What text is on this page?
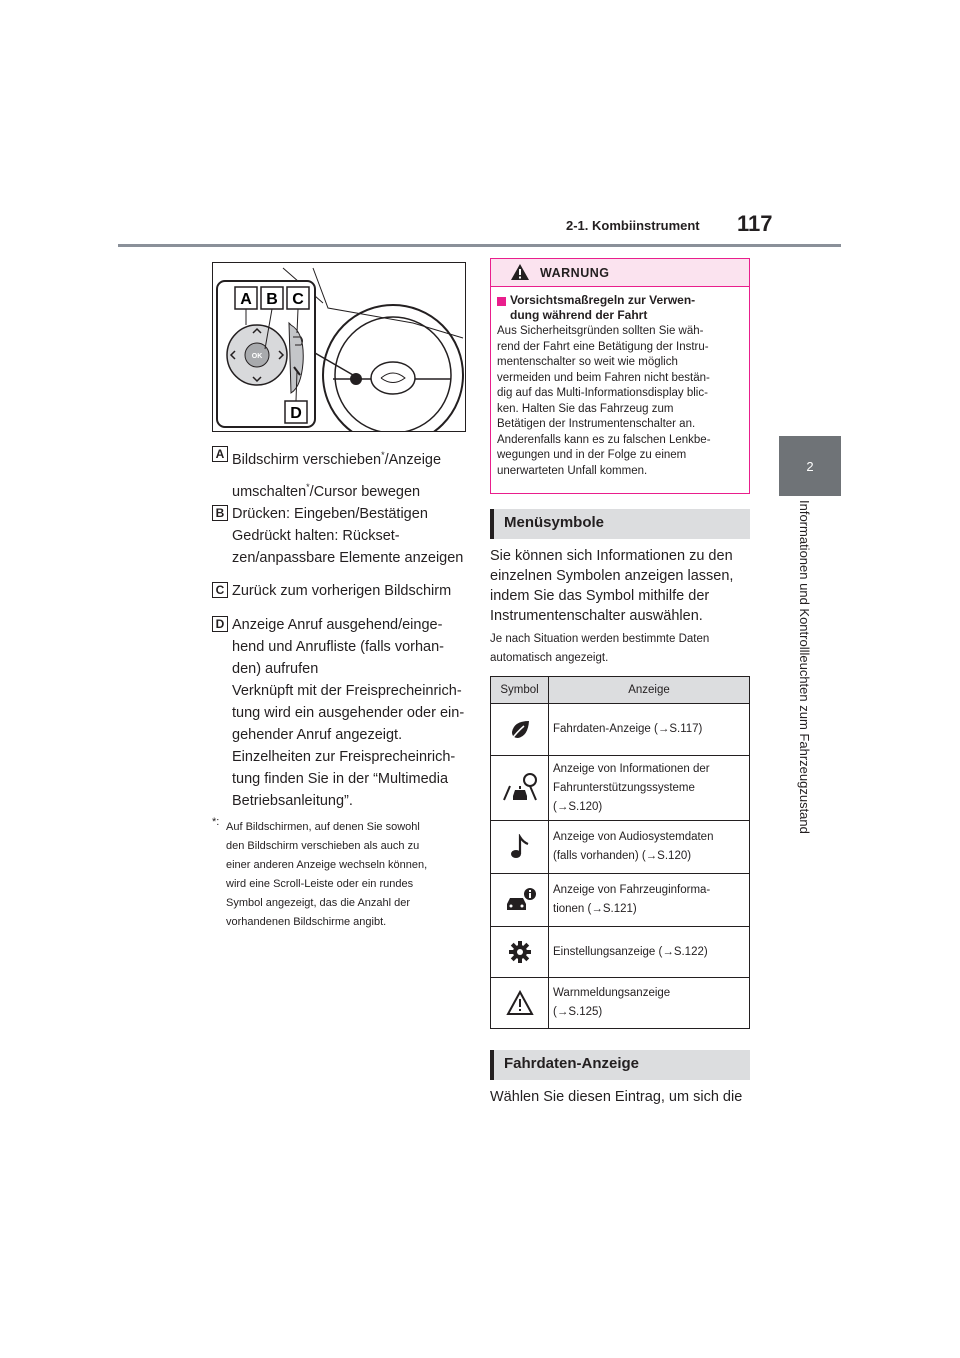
2-1. Kombiinstrument 117
2
Informationen und Kontrollleuchten zum Fahrzeugzustand
OK
A B C
D
A Bildschirm verschieben*/Anzeige
umschalten*/Cursor bewegen
B Drücken: Eingeben/Bestätigen
Gedrückt halten: Rückset-
zen/anpassbare Elemente anzeigen
C Zurück zum vorherigen Bildschirm
D Anzeige Anruf ausgehend/einge-
hend und Anrufliste (falls vorhan-
den) aufrufen
Verknüpft mit der Freisprecheinrich-
tung wird ein ausgehender oder ein-
gehender Anruf angezeigt.
Einzelheiten zur Freisprecheinrich-
tung finden Sie in der “Multimedia
Betriebsanleitung”.
*: Auf Bildschirmen, auf denen Sie sowohl
den Bildschirm verschieben als auch zu
einer anderen Anzeige wechseln können,
wird eine Scroll-Leiste oder ein rundes
Symbol angezeigt, das die Anzahl der
vorhandenen Bildschirme angibt.
WARNUNG
Vorsichtsmaßregeln zur Verwen-
dung während der Fahrt
Aus Sicherheitsgründen sollten Sie wäh-
rend der Fahrt eine Betätigung der Instru-
mentenschalter so weit wie möglich
vermeiden und beim Fahren nicht bestän-
dig auf das Multi-Informationsdisplay blic-
ken. Halten Sie das Fahrzeug zum
Betätigen der Instrumentenschalter an.
Anderenfalls kann es zu falschen Lenkbe-
wegungen und in der Folge zu einem
unerwarteten Unfall kommen.
Menüsymbole
Sie können sich Informationen zu den
einzelnen Symbolen anzeigen lassen,
indem Sie das Symbol mithilfe der
Instrumentenschalter auswählen.
Je nach Situation werden bestimmte Daten
automatisch angezeigt.
Symbol	Anzeige

Fahrdaten-Anzeige (→S.117)

Anzeige von Informationen der
Fahrunterstützungssysteme
(→S.120)

Anzeige von Audiosystemdaten
(falls vorhanden) (→S.120)

Anzeige von Fahrzeuginforma-
tionen (→S.121)

Einstellungsanzeige (→S.122)

Warnmeldungsanzeige
(→S.125)
Fahrdaten-Anzeige
Wählen Sie diesen Eintrag, um sich die
